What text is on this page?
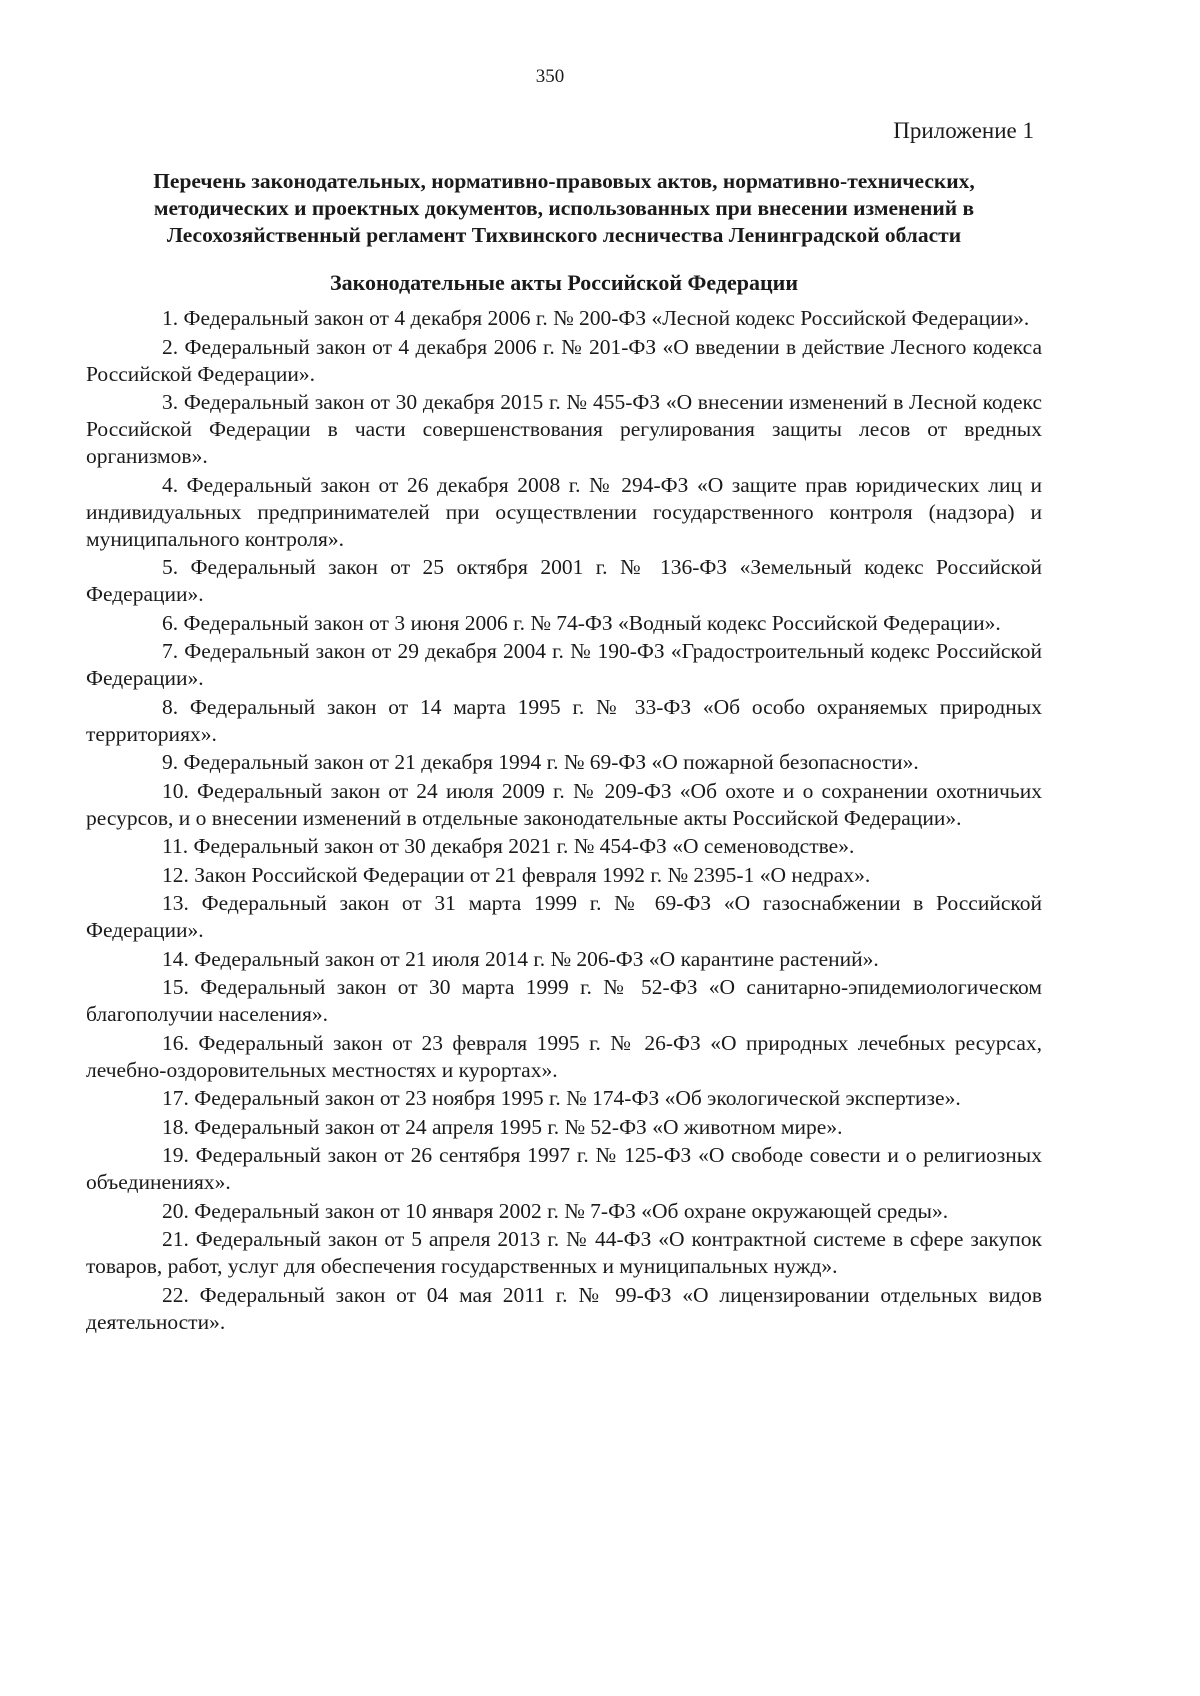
350
Приложение 1
Перечень законодательных, нормативно-правовых актов, нормативно-технических,
методических и проектных документов, использованных при внесении изменений в
Лесохозяйственный регламент Тихвинского лесничества Ленинградской области
Законодательные акты Российской Федерации
1. Федеральный закон от 4 декабря 2006 г. № 200-ФЗ «Лесной кодекс Российской Федерации».
2. Федеральный закон от 4 декабря 2006 г. № 201-ФЗ «О введении в действие Лесного кодекса Российской Федерации».
3. Федеральный закон от 30 декабря 2015 г. № 455-ФЗ «О внесении изменений в Лесной кодекс Российской Федерации в части совершенствования регулирования защиты лесов от вредных организмов».
4. Федеральный закон от 26 декабря 2008 г. № 294-ФЗ «О защите прав юридических лиц и индивидуальных предпринимателей при осуществлении государственного контроля (надзора) и муниципального контроля».
5. Федеральный закон от 25 октября 2001 г. № 136-ФЗ «Земельный кодекс Российской Федерации».
6. Федеральный закон от 3 июня 2006 г. № 74-ФЗ «Водный кодекс Российской Федерации».
7. Федеральный закон от 29 декабря 2004 г. № 190-ФЗ «Градостроительный кодекс Российской Федерации».
8. Федеральный закон от 14 марта 1995 г. № 33-ФЗ «Об особо охраняемых природных территориях».
9. Федеральный закон от 21 декабря 1994 г. № 69-ФЗ «О пожарной безопасности».
10. Федеральный закон от 24 июля 2009 г. № 209-ФЗ «Об охоте и о сохранении охотничьих ресурсов, и о внесении изменений в отдельные законодательные акты Российской Федерации».
11. Федеральный закон от 30 декабря 2021 г. № 454-ФЗ «О семеноводстве».
12. Закон Российской Федерации от 21 февраля 1992 г. № 2395-1 «О недрах».
13. Федеральный закон от 31 марта 1999 г. № 69-ФЗ «О газоснабжении в Российской Федерации».
14. Федеральный закон от 21 июля 2014 г. № 206-ФЗ «О карантине растений».
15. Федеральный закон от 30 марта 1999 г. № 52-ФЗ «О санитарно-эпидемиологическом благополучии населения».
16. Федеральный закон от 23 февраля 1995 г. № 26-ФЗ «О природных лечебных ресурсах, лечебно-оздоровительных местностях и курортах».
17. Федеральный закон от 23 ноября 1995 г. № 174-ФЗ «Об экологической экспертизе».
18. Федеральный закон от 24 апреля 1995 г. № 52-ФЗ «О животном мире».
19. Федеральный закон от 26 сентября 1997 г. № 125-ФЗ «О свободе совести и о религиозных объединениях».
20. Федеральный закон от 10 января 2002 г. № 7-ФЗ «Об охране окружающей среды».
21. Федеральный закон от 5 апреля 2013 г. № 44-ФЗ «О контрактной системе в сфере закупок товаров, работ, услуг для обеспечения государственных и муниципальных нужд».
22. Федеральный закон от 04 мая 2011 г. № 99-ФЗ «О лицензировании отдельных видов деятельности».
